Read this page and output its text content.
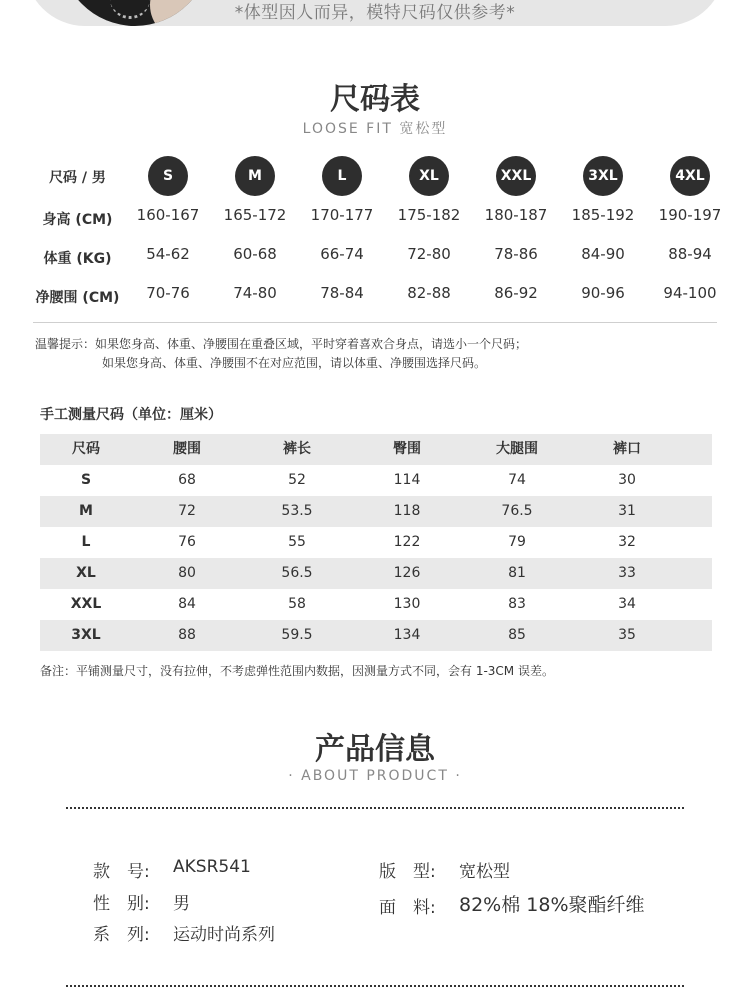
*体型因人而异，模特尺码仅供参考*
尺码表
LOOSE FIT 宽松型
尺码 / 男	S	M	L	XL	XXL	3XL	4XL
身高 (CM)	160-167	165-172	170-177	175-182	180-187	185-192	190-197
体重 (KG)	54-62	60-68	66-74	72-80	78-86	84-90	88-94
净腰围 (CM)	70-76	74-80	78-84	82-88	86-92	90-96	94-100
温馨提示：如果您身高、体重、净腰围在重叠区域，平时穿着喜欢合身点，请选小一个尺码；
如果您身高、体重、净腰围不在对应范围，请以体重、净腰围选择尺码。
手工测量尺码（单位：厘米）
尺码	腰围	裤长	臀围	大腿围	裤口
S	68	52	114	74	30
M	72	53.5	118	76.5	31
L	76	55	122	79	32
XL	80	56.5	126	81	33
XXL	84	58	130	83	34
3XL	88	59.5	134	85	35
备注：平铺测量尺寸，没有拉伸，不考虑弹性范围内数据，因测量方式不同，会有 1-3CM 误差。
产品信息
· ABOUT PRODUCT ·
款　号: AKSR541
性　别: 男
系　列: 运动时尚系列
版　型: 宽松型
面　料: 82%棉 18%聚酯纤维
